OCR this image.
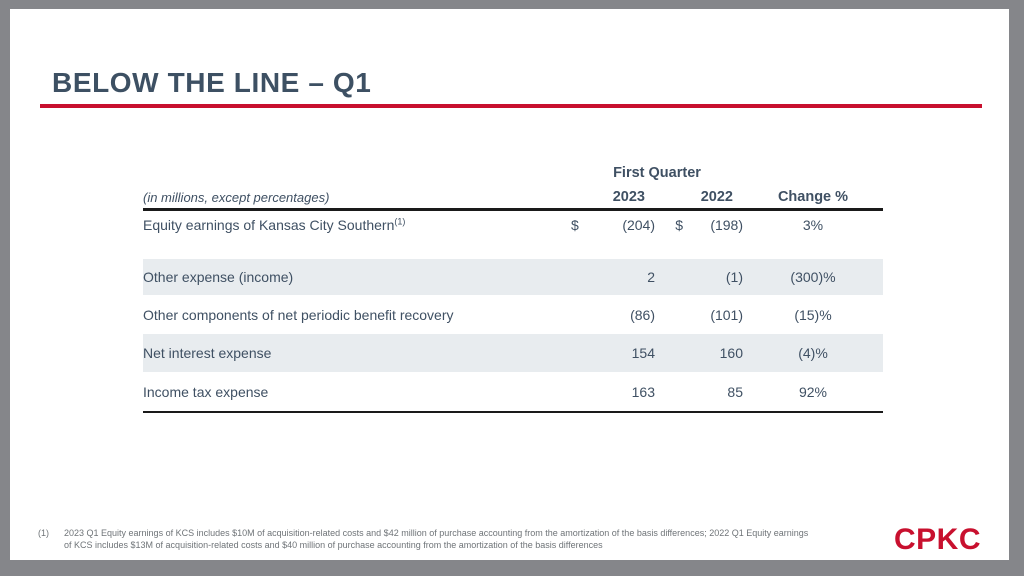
BELOW THE LINE – Q1
First Quarter
(in millions, except percentages)	2023	2022	Change %
Equity earnings of Kansas City Southern$^{(1)}$	$	(204)	$	(198)	3%
Other expense (income)	2	(1)	(300)%
Other components of net periodic benefit recovery	(86)	(101)	(15)%
Net interest expense	154	160	(4)%
Income tax expense	163	85	92%
(1)	2023 Q1 Equity earnings of KCS includes $10M of acquisition-related costs and $42 million of purchase accounting from the amortization of the basis differences; 2022 Q1 Equity earnings
of KCS includes $13M of acquisition-related costs and $40 million of purchase accounting from the amortization of the basis differences	CPKC
